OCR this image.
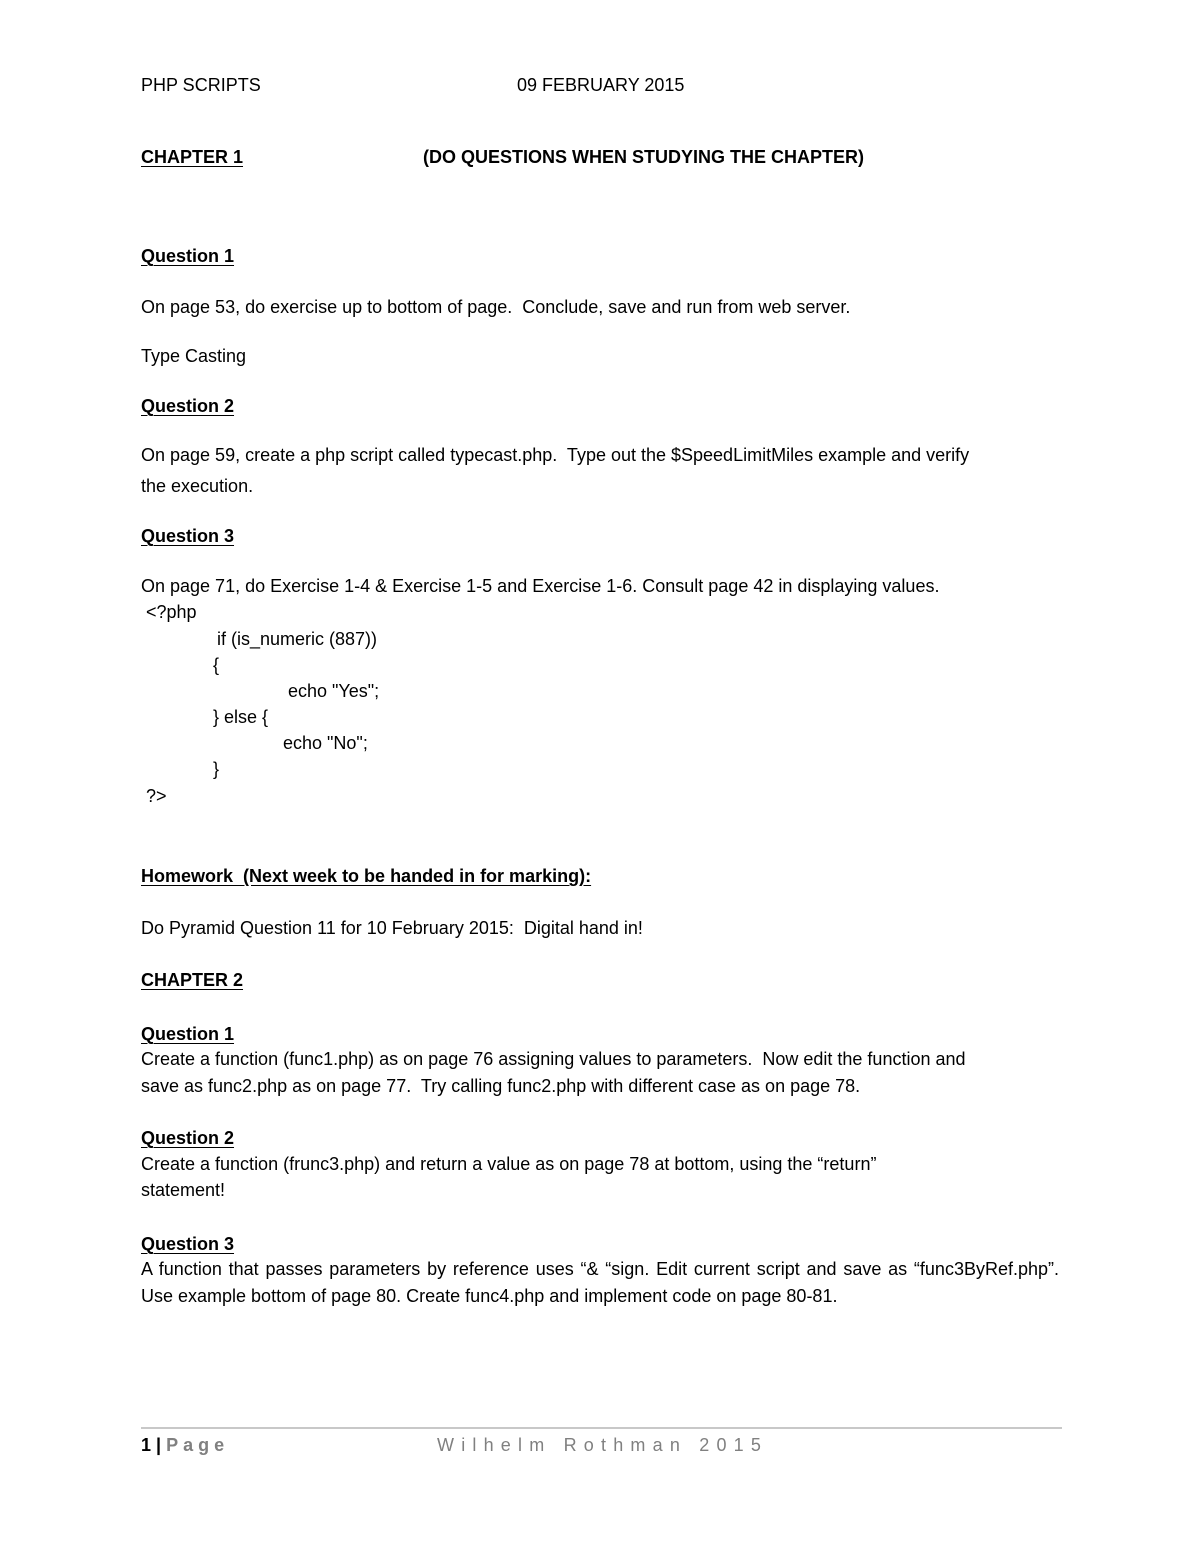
PHP SCRIPTS	09 FEBRUARY 2015
CHAPTER 1	(DO QUESTIONS WHEN STUDYING THE CHAPTER)
Question 1
On page 53, do exercise up to bottom of page.  Conclude, save and run from web server.
Type Casting
Question 2
On page 59, create a php script called typecast.php.  Type out the $SpeedLimitMiles example and verify
the execution.
Question 3
On page 71, do Exercise 1-4 & Exercise 1-5 and Exercise 1-6. Consult page 42 in displaying values.
<?php
if (is_numeric (887))
{
echo "Yes";
} else {
echo "No";
}
?>
Homework  (Next week to be handed in for marking):
Do Pyramid Question 11 for 10 February 2015:  Digital hand in!
CHAPTER 2
Question 1
Create a function (func1.php) as on page 76 assigning values to parameters.  Now edit the function and
save as func2.php as on page 77.  Try calling func2.php with different case as on page 78.
Question 2
Create a function (frunc3.php) and return a value as on page 78 at bottom, using the “return”
statement!
Question 3
A function that passes parameters by reference uses “& “sign. Edit current script and save as “func3ByRef.php”. Use example bottom of page 80. Create func4.php and implement code on page 80-81.
1 | Page	Wilhelm Rothman 2015
